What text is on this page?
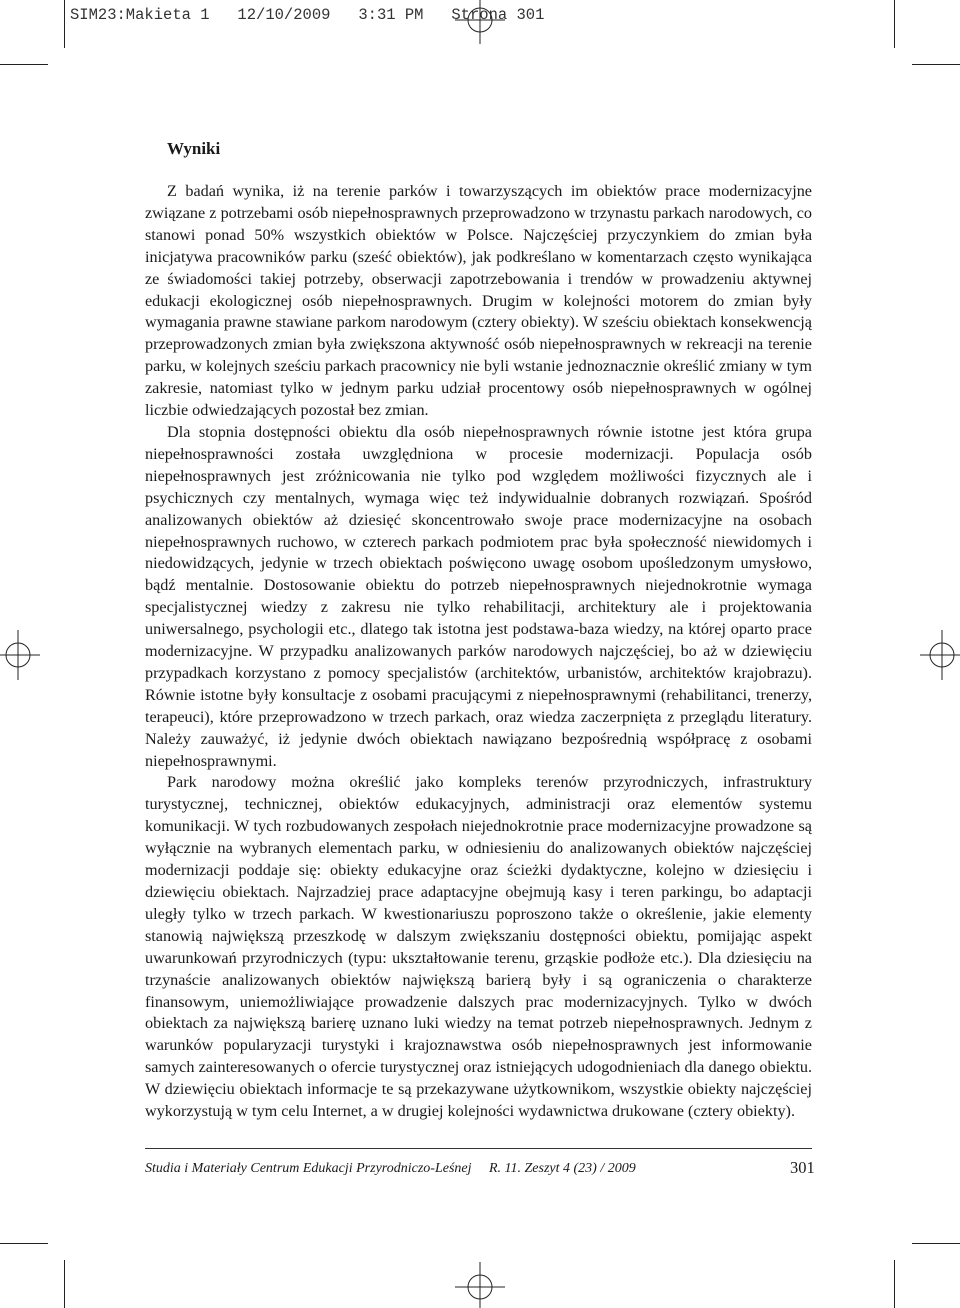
SIM23:Makieta 1   12/10/2009   3:31 PM   Strona 301
Wyniki

Z badań wynika, iż na terenie parków i towarzyszących im obiektów prace modernizacyjne związane z potrzebami osób niepełnosprawnych przeprowadzono w trzynastu parkach narodowych, co stanowi ponad 50% wszystkich obiektów w Polsce. Najczęściej przyczynkiem do zmian była inicjatywa pracowników parku (sześć obiektów), jak podkreślano w komentarzach często wynikająca ze świadomości takiej potrzeby, obserwacji zapotrzebowania i trendów w prowadzeniu aktywnej edukacji ekologicznej osób niepełnosprawnych. Drugim w kolejności motorem do zmian były wymagania prawne stawiane parkom narodowym (cztery obiekty). W sześciu obiektach konsekwencją przeprowadzonych zmian była zwiększona aktywność osób niepełnosprawnych w rekreacji na terenie parku, w kolejnych sześciu parkach pracownicy nie byli wstanie jednoznacznie określić zmiany w tym zakresie, natomiast tylko w jednym parku udział procentowy osób niepełnosprawnych w ogólnej liczbie odwiedzających pozostał bez zmian.

Dla stopnia dostępności obiektu dla osób niepełnosprawnych równie istotne jest która grupa niepełnosprawności została uwzględniona w procesie modernizacji. Populacja osób niepełnosprawnych jest zróżnicowania nie tylko pod względem możliwości fizycznych ale i psychicznych czy mentalnych, wymaga więc też indywidualnie dobranych rozwiązań. Spośród analizowanych obiektów aż dziesięć skoncentrowało swoje prace modernizacyjne na osobach niepełnosprawnych ruchowo, w czterech parkach podmiotem prac była społeczność niewidomych i niedowidzących, jedynie w trzech obiektach poświęcono uwagę osobom upośledzonym umysłowo, bądź mentalnie. Dostosowanie obiektu do potrzeb niepełnosprawnych niejednokrotnie wymaga specjalistycznej wiedzy z zakresu nie tylko rehabilitacji, architektury ale i projektowania uniwersalnego, psychologii etc., dlatego tak istotna jest podstawa-baza wiedzy, na której oparto prace modernizacyjne. W przypadku analizowanych parków narodowych najczęściej, bo aż w dziewięciu przypadkach korzystano z pomocy specjalistów (architektów, urbanistów, architektów krajobrazu). Równie istotne były konsultacje z osobami pracującymi z niepełnosprawnymi (rehabilitanci, trenerzy, terapeuci), które przeprowadzono w trzech parkach, oraz wiedza zaczerpnięta z przeglądu literatury. Należy zauważyć, iż jedynie dwóch obiektach nawiązano bezpośrednią współpracę z osobami niepełnosprawnymi.

Park narodowy można określić jako kompleks terenów przyrodniczych, infrastruktury turystycznej, technicznej, obiektów edukacyjnych, administracji oraz elementów systemu komunikacji. W tych rozbudowanych zespołach niejednokrotnie prace modernizacyjne prowadzone są wyłącznie na wybranych elementach parku, w odniesieniu do analizowanych obiektów najczęściej modernizacji poddaje się: obiekty edukacyjne oraz ścieżki dydaktyczne, kolejno w dziesięciu i dziewięciu obiektach. Najrzadziej prace adaptacyjne obejmują kasy i teren parkingu, bo adaptacji uległy tylko w trzech parkach. W kwestionariuszu poproszono także o określenie, jakie elementy stanowią największą przeszkodę w dalszym zwiększaniu dostępności obiektu, pomijając aspekt uwarunkowań przyrodniczych (typu: ukształtowanie terenu, grząskie podłoże etc.). Dla dziesięciu na trzynaście analizowanych obiektów największą barierą były i są ograniczenia o charakterze finansowym, uniemożliwiające prowadzenie dalszych prac modernizacyjnych. Tylko w dwóch obiektach za największą barierę uznano luki wiedzy na temat potrzeb niepełnosprawnych. Jednym z warunków popularyzacji turystyki i krajoznawstwa osób niepełnosprawnych jest informowanie samych zainteresowanych o ofercie turystycznej oraz istniejących udogodnieniach dla danego obiektu. W dziewięciu obiektach informacje te są przekazywane użytkownikom, wszystkie obiekty najczęściej wykorzystują w tym celu Internet, a w drugiej kolejności wydawnictwa drukowane (cztery obiekty).

Studia i Materiały Centrum Edukacji Przyrodniczo-Leśnej     R. 11. Zeszyt 4 (23) / 2009	301
